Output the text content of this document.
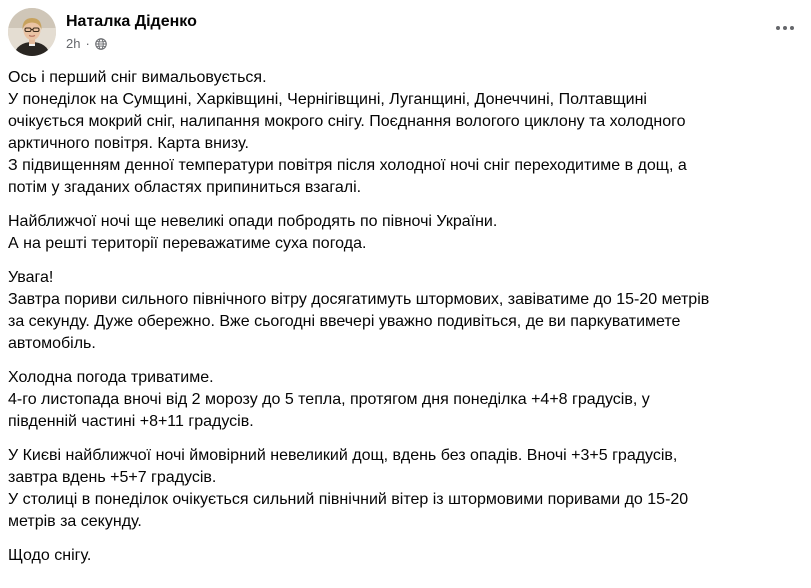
Наталка Діденко
2h ·
Ось і перший сніг вимальовується.
У понеділок на Сумщині, Харківщині, Чернігівщині, Луганщині, Донеччині, Полтавщині
очікується мокрий сніг, налипання мокрого снігу. Поєднання вологого циклону та холодного
арктичного повітря. Карта внизу.
З підвищенням денної температури повітря після холодної ночі сніг переходитиме в дощ, а
потім у згаданих областях припиниться взагалі.
Найближчої ночі ще невеликі опади побродять по півночі України.
А на решті території переважатиме суха погода.
Увага!
Завтра пориви сильного північного вітру досягатимуть штормових, завіватиме до 15-20 метрів
за секунду. Дуже обережно. Вже сьогодні ввечері уважно подивіться, де ви паркуватимете
автомобіль.
Холодна погода триватиме.
4-го листопада вночі від 2 морозу до 5 тепла, протягом дня понеділка +4+8 градусів, у
південній частині +8+11 градусів.
У Києві найближчої ночі ймовірний невеликий дощ, вдень без опадів. Вночі +3+5 градусів,
завтра вдень +5+7 градусів.
У столиці в понеділок очікується сильний північний вітер із штормовими поривами до 15-20
метрів за секунду.
Щодо снігу.
